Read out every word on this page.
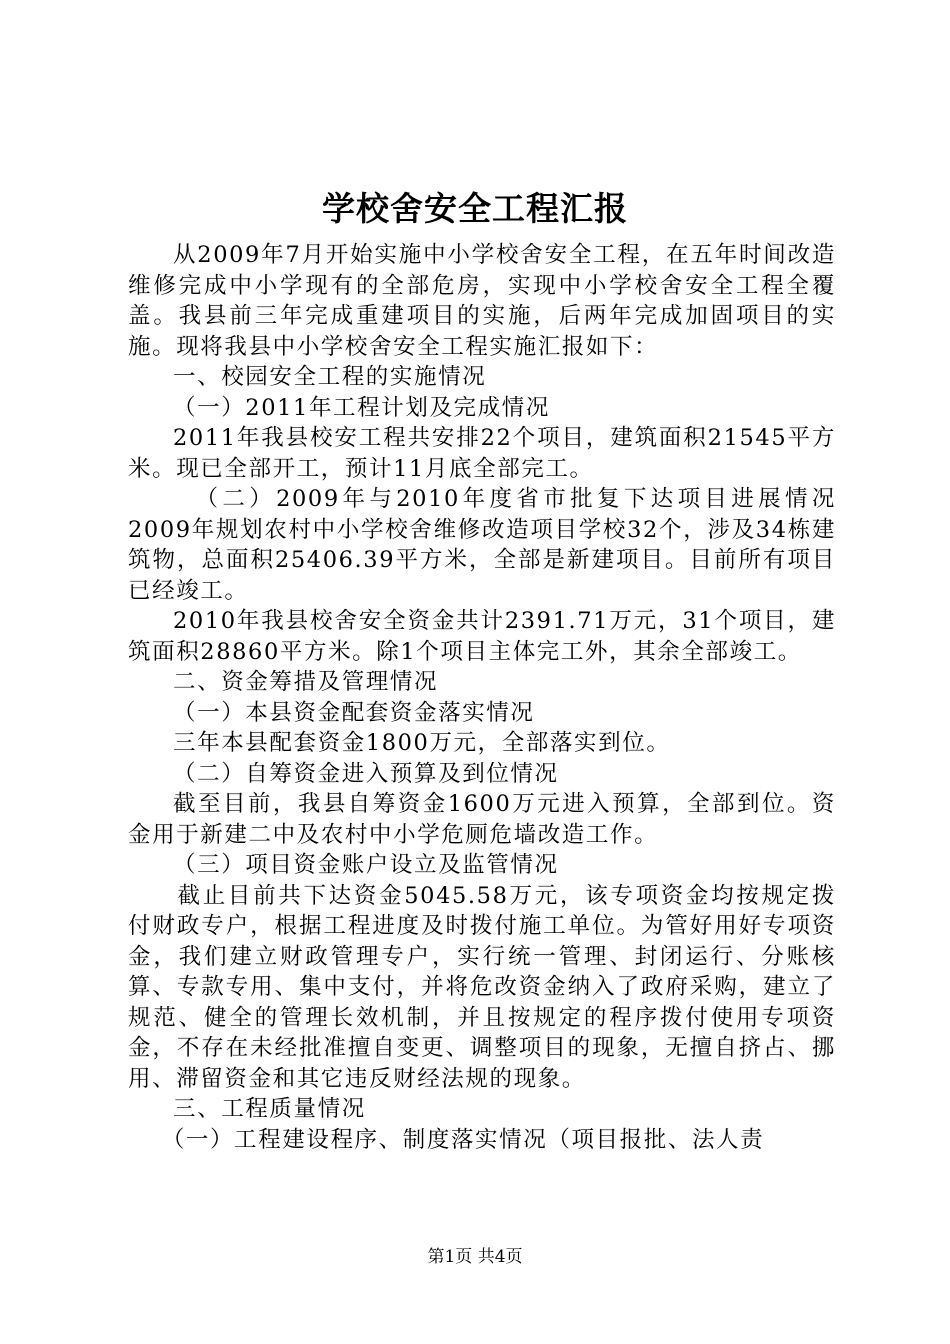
学校舍安全工程汇报

从2009年7月开始实施中小学校舍安全工程，在五年时间改造维修完成中小学现有的全部危房，实现中小学校舍安全工程全覆盖。我县前三年完成重建项目的实施，后两年完成加固项目的实施。现将我县中小学校舍安全工程实施汇报如下：

一、校园安全工程的实施情况

（一）2011年工程计划及完成情况

2011年我县校安工程共安排22个项目，建筑面积21545平方米。现已全部开工，预计11月底全部完工。

（二）2009年与2010年度省市批复下达项目进展情况2009年规划农村中小学校舍维修改造项目学校32个，涉及34栋建筑物，总面积25406.39平方米，全部是新建项目。目前所有项目已经竣工。

2010年我县校舍安全资金共计2391.71万元，31个项目，建筑面积28860平方米。除1个项目主体完工外，其余全部竣工。

二、资金筹措及管理情况

（一）本县资金配套资金落实情况

三年本县配套资金1800万元，全部落实到位。

（二）自筹资金进入预算及到位情况

截至目前，我县自筹资金1600万元进入预算，全部到位。资金用于新建二中及农村中小学危厕危墙改造工作。

（三）项目资金账户设立及监管情况

截止目前共下达资金5045.58万元，该专项资金均按规定拨付财政专户，根据工程进度及时拨付施工单位。为管好用好专项资金，我们建立财政管理专户，实行统一管理、封闭运行、分账核算、专款专用、集中支付，并将危改资金纳入了政府采购，建立了规范、健全的管理长效机制，并且按规定的程序拨付使用专项资金，不存在未经批准擅自变更、调整项目的现象，无擅自挤占、挪用、滞留资金和其它违反财经法规的现象。

三、工程质量情况

（一）工程建设程序、制度落实情况（项目报批、法人责

第1页 共4页
